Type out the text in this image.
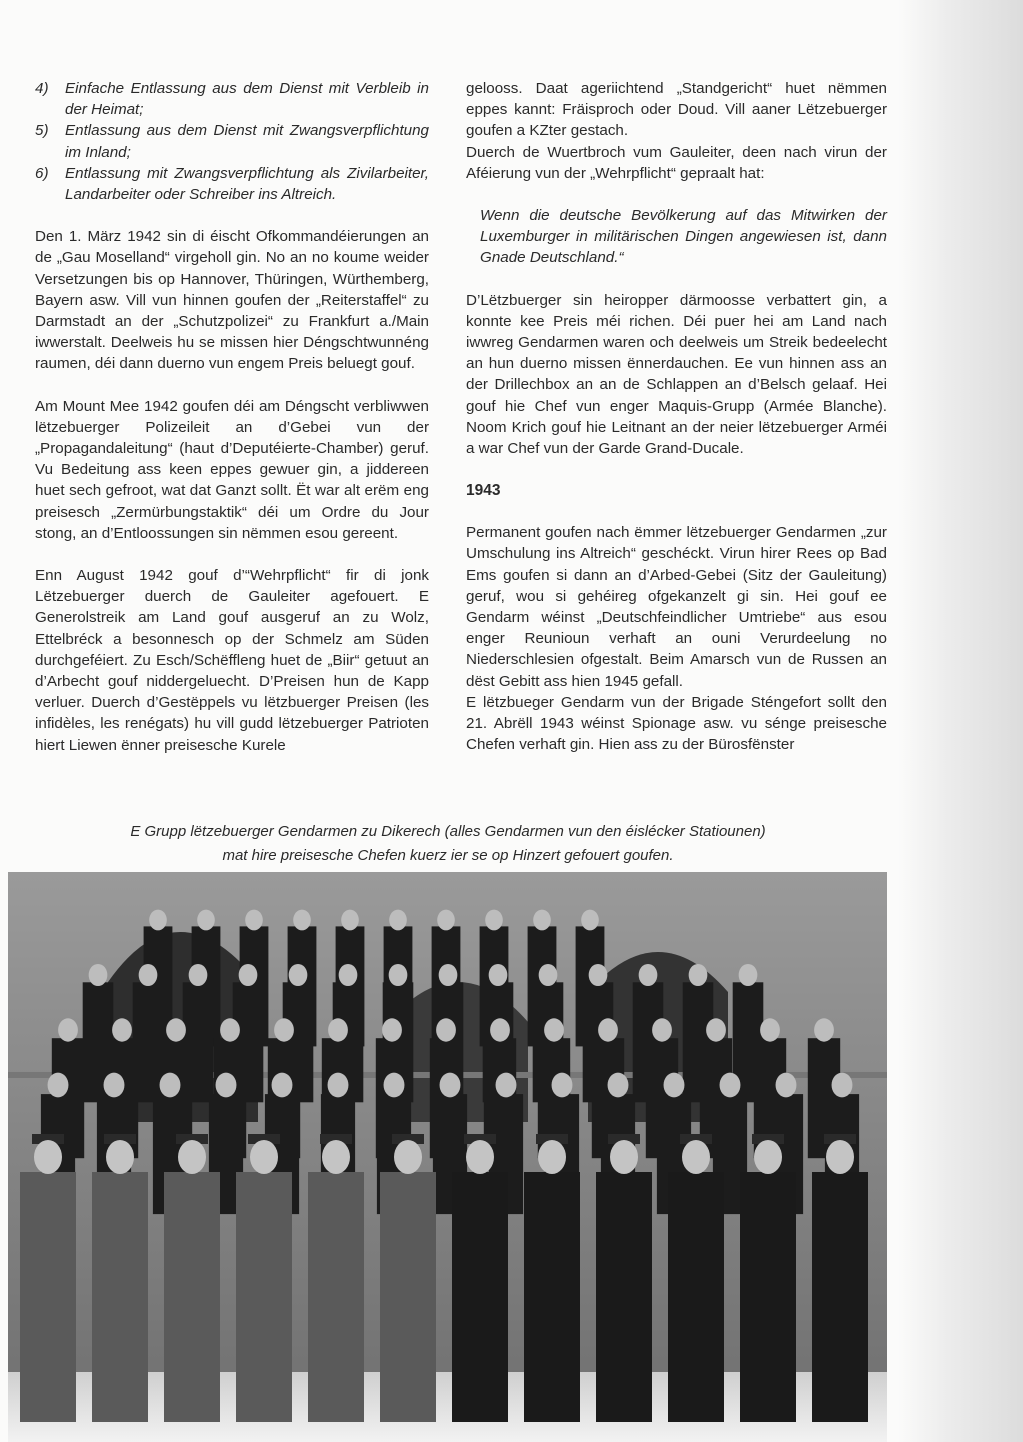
4)	Einfache Entlassung aus dem Dienst mit Verbleib in der Heimat;
5)	Entlassung aus dem Dienst mit Zwangsverpflichtung im Inland;
6)	Entlassung mit Zwangsverpflichtung als Zivilarbeiter, Landarbeiter oder Schreiber ins Altreich.

Den 1. März 1942 sin di éischt Ofkommandéierungen an de „Gau Moselland“ virgeholl gin. No an no koume weider Versetzungen bis op Hannover, Thüringen, Würthemberg, Bayern asw. Vill vun hinnen goufen der „Reiterstaffel“ zu Darmstadt an der „Schutzpolizei“ zu Frankfurt a./Main iwwerstalt. Deelweis hu se missen hier Déngschtwunnéng raumen, déi dann duerno vun engem Preis beluegt gouf.

Am Mount Mee 1942 goufen déi am Déngscht verbliwwen lëtzebuerger Polizeileit an d’Gebei vun der „Propagandaleitung“ (haut d’Deputéierte-Chamber) geruf. Vu Bedeitung ass keen eppes gewuer gin, a jiddereen huet sech gefroot, wat dat Ganzt sollt. Ët war alt erëm eng preisesch „Zermürbungstaktik“ déi um Ordre du Jour stong, an d’Entloossungen sin nëmmen esou gereent.

Enn August 1942 gouf d’“Wehrpflicht“ fir di jonk Lëtzebuerger duerch de Gauleiter agefouert. E Generolstreik am Land gouf ausgeruf an zu Wolz, Ettelbréck a besonnesch op der Schmelz am Süden durchgeféiert. Zu Esch/Schëffleng huet de „Biir“ getuut an d’Arbecht gouf niddergeluecht. D’Preisen hun de Kapp verluer. Duerch d’Gestëppels vu lëtzbuerger Preisen (les infidèles, les renégats) hu vill gudd lëtzebuerger Patrioten hiert Liewen ënner preisesche Kurele

gelooss. Daat ageriichtend „Standgericht“ huet nëmmen eppes kannt: Fräisproch oder Doud. Vill aaner Lëtzebuerger goufen a KZter gestach.

Duerch de Wuertbroch vum Gauleiter, deen nach virun der Aféierung vun der „Wehrpflicht“ gepraalt hat:

Wenn die deutsche Bevölkerung auf das Mitwirken der Luxemburger in militärischen Dingen angewiesen ist, dann Gnade Deutschland.“

D’Lëtzbuerger sin heiropper därmoosse verbattert gin, a konnte kee Preis méi richen. Déi puer hei am Land nach iwwreg Gendarmen waren och deelweis um Streik bedeelecht an hun duerno missen ënnerdauchen. Ee vun hinnen ass an der Drillechbox an an de Schlappen an d’Belsch gelaaf. Hei gouf hie Chef vun enger Maquis-Grupp (Armée Blanche). Noom Krich gouf hie Leitnant an der neier lëtzebuerger Arméi a war Chef vun der Garde Grand-Ducale.

1943

Permanent goufen nach ëmmer lëtzebuerger Gendarmen „zur Umschulung ins Altreich“ geschéckt. Virun hirer Rees op Bad Ems goufen si dann an d’Arbed-Gebei (Sitz der Gauleitung) geruf, wou si gehéireg ofgekanzelt gi sin. Hei gouf ee Gendarm wéinst „Deutschfeindlicher Umtriebe“ aus esou enger Reunioun verhaft an ouni Verurdeelung no Niederschlesien ofgestalt. Beim Amarsch vun de Russen an dëst Gebitt ass hien 1945 gefall.

E lëtzbueger Gendarm vun der Brigade Sténgefort sollt den 21. Abrëll 1943 wéinst Spionage asw. vu sénge preisesche Chefen verhaft gin. Hien ass zu der Bürosfënster

E Grupp lëtzebuerger Gendarmen zu Dikerech (alles Gendarmen vun den éislécker Statiounen)
mat hire preisesche Chefen kuerz ier se op Hinzert gefouert goufen.
